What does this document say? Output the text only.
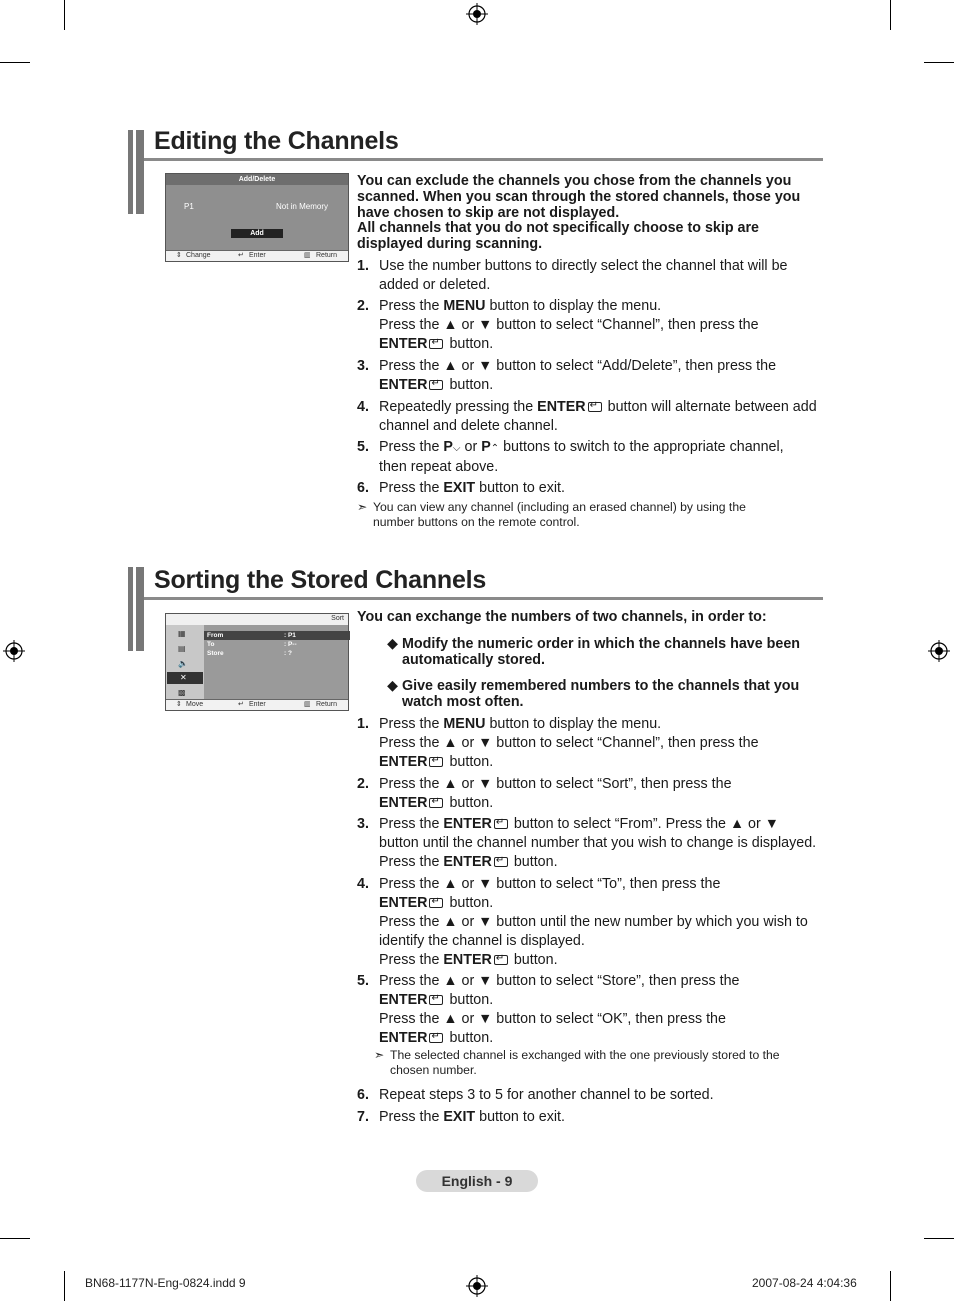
Editing the Channels
Add/Delete
P1	Not in Memory
Add
⇕ Change	↵ Enter	▥ Return
You can exclude the channels you chose from the channels you
scanned. When you scan through the stored channels, those you
have chosen to skip are not displayed.
All channels that you do not specifically choose to skip are
displayed during scanning.
1. Use the number buttons to directly select the channel that will be
added or deleted.
2. Press the MENU button to display the menu.
Press the ▲ or ▼ button to select “Channel”, then press the
ENTER↵ button.
3. Press the ▲ or ▼ button to select “Add/Delete”, then press the
ENTER↵ button.
4. Repeatedly pressing the ENTER↵ button will alternate between add
channel and delete channel.
5. Press the P⌵ or P⌃ buttons to switch to the appropriate channel,
then repeat above.
6. Press the EXIT button to exit.
➣ You can view any channel (including an erased channel) by using the
number buttons on the remote control.
Sorting the Stored Channels
Sort
▦
▤
🔈
✕
▩
From	: P1
To	: P--
Store	: ?
⇕ Move	↵ Enter	▥ Return
You can exchange the numbers of two channels, in order to:
◆ Modify the numeric order in which the channels have been
automatically stored.
◆ Give easily remembered numbers to the channels that you
watch most often.
1. Press the MENU button to display the menu.
Press the ▲ or ▼ button to select “Channel”, then press the
ENTER↵ button.
2. Press the ▲ or ▼ button to select “Sort”, then press the
ENTER↵ button.
3. Press the ENTER↵ button to select “From”. Press the ▲ or ▼
button until the channel number that you wish to change is displayed.
Press the ENTER↵ button.
4. Press the ▲ or ▼ button to select “To”, then press the
ENTER↵ button.
Press the ▲ or ▼ button until the new number by which you wish to
identify the channel is displayed.
Press the ENTER↵ button.
5. Press the ▲ or ▼ button to select “Store”, then press the
ENTER↵ button.
Press the ▲ or ▼ button to select “OK”, then press the
ENTER↵ button.
➣ The selected channel is exchanged with the one previously stored to the
chosen number.
6. Repeat steps 3 to 5 for another channel to be sorted.
7. Press the EXIT button to exit.
English - 9
BN68-1177N-Eng-0824.indd 9	2007-08-24 4:04:36
